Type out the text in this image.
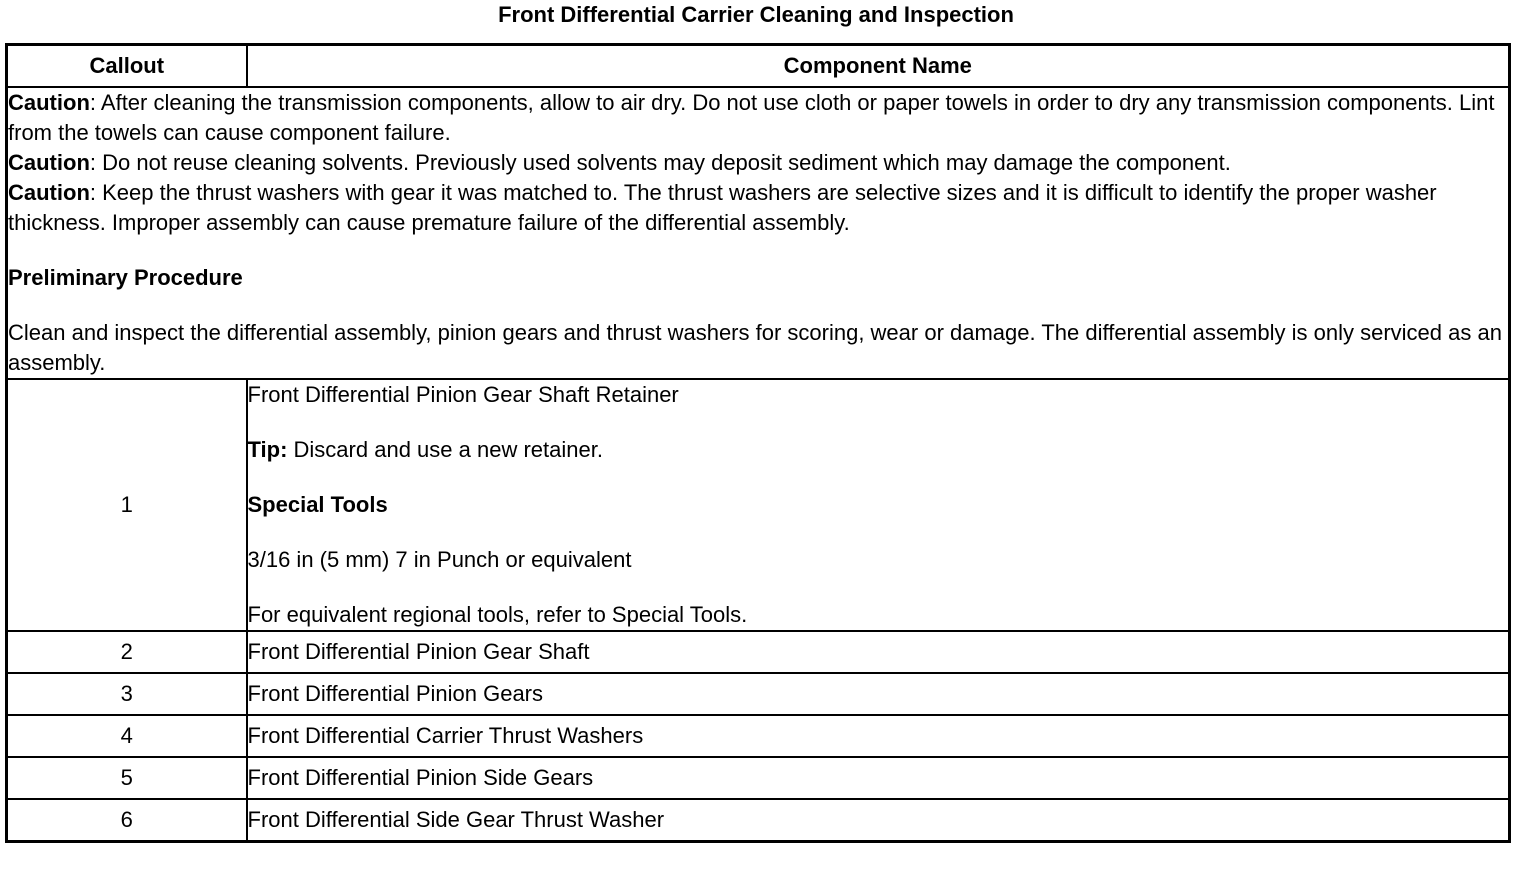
Front Differential Carrier Cleaning and Inspection
Callout	Component Name

Caution: After cleaning the transmission components, allow to air dry. Do not use cloth or paper towels in order to dry any transmission components. Lint from the towels can cause component failure.
Caution: Do not reuse cleaning solvents. Previously used solvents may deposit sediment which may damage the component.
Caution: Keep the thrust washers with gear it was matched to. The thrust washers are selective sizes and it is difficult to identify the proper washer thickness. Improper assembly can cause premature failure of the differential assembly.
Preliminary Procedure
Clean and inspect the differential assembly, pinion gears and thrust washers for scoring, wear or damage. The differential assembly is only serviced as an assembly.	

1	Front Differential Pinion Gear Shaft Retainer
Tip: Discard and use a new retainer.
Special Tools
3/16 in (5 mm) 7 in Punch or equivalent
For equivalent regional tools, refer to Special Tools.

2	Front Differential Pinion Gear Shaft
3	Front Differential Pinion Gears
4	Front Differential Carrier Thrust Washers
5	Front Differential Pinion Side Gears
6	Front Differential Side Gear Thrust Washer
